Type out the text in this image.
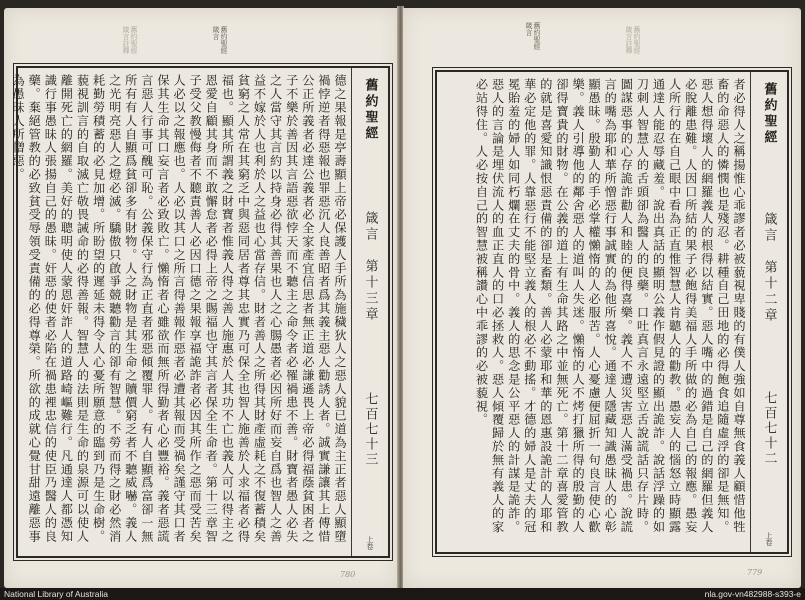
舊約聖經
箴言註釋	舊約聖經
箴言
德之果報是亭壽顯上帝必保護人手所為施穢狄人之惡人貌已道為主正者惡人顯墮禍悖逆者得惡報也罪惡沉人良善昭者爲其義主惡人勸誘人者。誠實謙讓其上傅惜公正所義者必達公義者必全家產宜信思者無正道必謙遜畏上帝必得福蔭貧困者之子不樂於善因其言語惡欲悖天而不聽主之命令者必罹禍患不善。財寶者愚人必失之人當守其言約以持身必得其善果也人之心腸愚者必因所好而妄自爲也智人之善益不嫁於人也利於人之益也心當存信。財者善人之所得其財產虛耗之不復蓄積矣貧窮之人常在其窮乏中與惡同居者尊其忠實乃可保全也智人施善於人求福者必得福也。顯其所謂義之財寶者惟義人得之善人施惠於人其功不亡也義人可以得主之恩愛自顧其身而不敢懈怠者必得上帝之賜福也守其言者保全生命者。第十三章智子受父教慢侮者不聽責善人必因口德之果報享福詭詐者必因其所作之惡而受苦矣人必以之報應也。人必以其口之所言得善報作惡者必遭其報而受禍矣謹守其口者保其生命其口妄言者必致敗亡。懶惰者心雖欲而無所得勤者心必豐裕。義者惡謊言惡人行事可醜可恥。公義保守行為正直者邪惡傾覆罪人。有人自顯爲富卻一無所有有人自顯爲貧卻多有財物。人之財物是其生命之贖價窮乏者不聽威嚇。義人之光明亮惡人之燈必滅。驕傲只啟爭競聽勸言的卻有智慧。不勞而得之財必然消耗勤勞積蓄的必見加增。所盼望的遲延未得令人心憂所願意的臨到乃是生命樹。藐視訓言的自取滅亡敬畏誡命的必得善報。智慧人的法則是生命的泉源可以使人離開死亡的網羅。美好的聰明使人蒙恩奸詐人的道路崎嶇難行。凡通達人都憑知識行事愚昧人張揚自己的愚昧。奸惡的使者必陷在禍患裡忠信的使臣乃醫人的良藥。棄絕管教的必致貧受辱領受責備的必得尊榮。所欲的成就心覺甘甜遠離惡事為愚昧人所憎惡。	舊約聖經
箴言　第十三章
七百七十三
上卷
780
舊約聖經
箴言	舊約聖經
箴言註釋
者必得人之稱揚惟心乖謬者必被藐視卑賤的有僕人強如自尊無食義人顧惜他牲畜的命惡人的憐憫也是殘忍。耕種自己田地的必得飽食追隨虛浮的卻是無知。惡人想得壞人的網羅義人的根得以結實。惡人嘴中的過錯是自己的網羅但義人必脫離患難。人因口所結的果子必飽得美福人手所做的必為自己的報應。愚妄人所行的在自己眼中看為正直惟智慧人肯聽人的勸教。愚妄人的惱怒立時顯露通達人能忍辱藏羞。說出真話的顯明公義作假見證的顯出詭詐。說話浮躁的如刀刺人智慧人的舌頭卻為醫人的良藥。口吐真言永遠堅立舌說謊話只存片時。圖謀惡事的心存詭詐勸人和睦的便得喜樂。義人不遭災害惡人滿受禍患。說謊言的嘴為耶和華所憎惡行事誠實的為他所喜悅。通達人隱藏知識愚昧人的心彰顯愚昧。殷勤人的手必掌權懶惰的人必服苦。人心憂慮便屈折一句良言使心歡樂。義人引導他的鄰舍惡人的道叫人失迷。懶惰的人不烤打獵所得的殷勤的人卻得寶貴的財物。在公義的道上有生命其路之中並無死亡。第十二章喜愛管教的就是喜愛知識恨惡責備的卻是畜類。善人必蒙耶和華的恩惠設詭計的人耶和華必定他的罪。人靠惡行不能堅立義人的根必不動搖。才德的婦人是丈夫的冠冕貽羞的婦人如同朽爛在丈夫的骨中。義人的思念是公平惡人的計謀是詭詐。惡人的言論是埋伏流人的血正直人的口必拯救人。惡人傾覆歸於無有義人的家必站得住。人必按自己的智慧被稱讚心中乖謬的必被藐視。	舊約聖經
箴言　第十二章
七百七十二
上卷
779
National Library of Australia	nla.gov-vn482988-s393-e
